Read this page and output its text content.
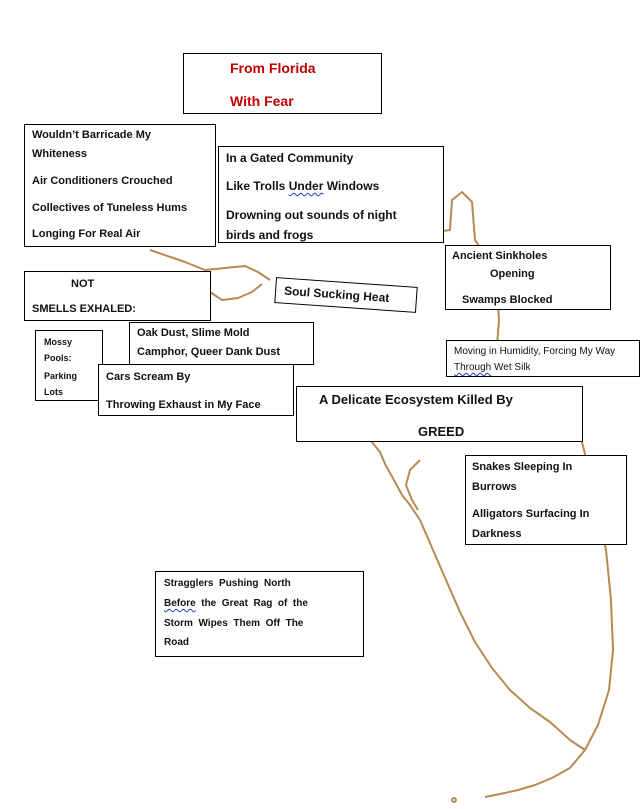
From Florida

With Fear

Wouldn’t Barricade My

Whiteness

Air Conditioners Crouched

Collectives of Tuneless Hums

Longing For Real Air

In a Gated Community

Like Trolls Under Windows

Drowning out sounds of night

birds and frogs

Ancient Sinkholes

Opening

Swamps Blocked

NOT

SMELLS EXHALED:

Soul Sucking Heat

Mossy

Pools:

Parking

Lots

Oak Dust, Slime Mold

Camphor, Queer Dank Dust	Moving in Humidity, Forcing My Way

Through Wet Silk

Cars Scream By

Throwing Exhaust in My Face	A Delicate Ecosystem Killed By

GREED

Snakes Sleeping In

Burrows

Alligators Surfacing In

Darkness

Stragglers  Pushing  North

Before  the  Great  Rag  of  the

Storm  Wipes  Them  Off  The

Road
